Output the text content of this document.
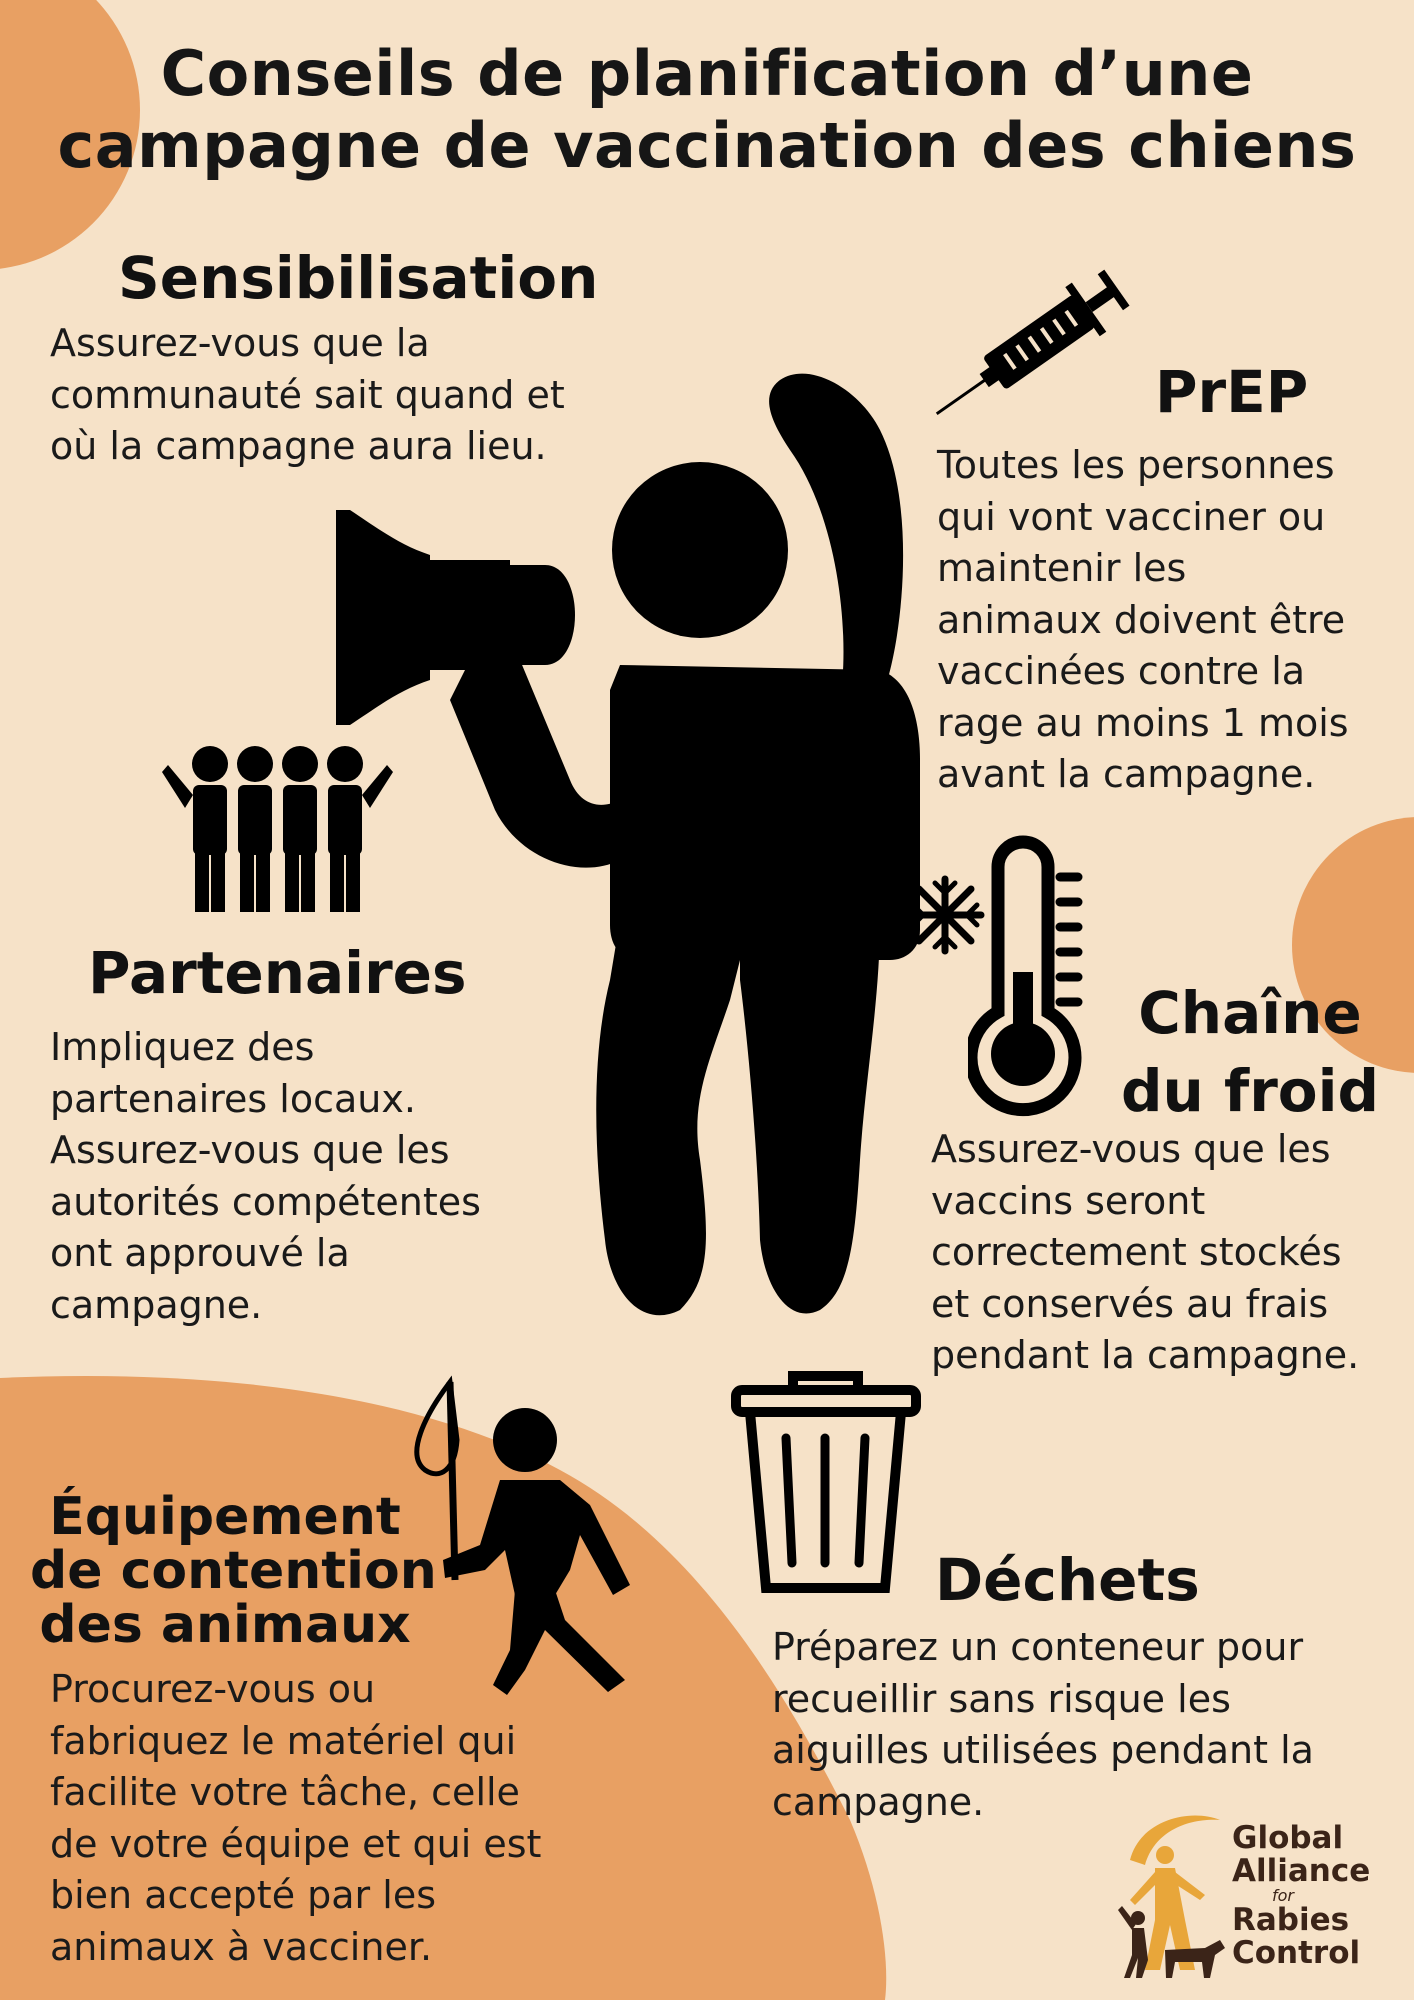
Conseils de planification d’une
campagne de vaccination des chiens
Sensibilisation
Assurez-vous que la
communauté sait quand et
où la campagne aura lieu.
PrEP
Toutes les personnes
qui vont vacciner ou
maintenir les
animaux doivent être
vaccinées contre la
rage au moins 1 mois
avant la campagne.
Partenaires
Impliquez des
partenaires locaux.
Assurez-vous que les
autorités compétentes
ont approuvé la
campagne.
Chaîne
du froid
Assurez-vous que les
vaccins seront
correctement stockés
et conservés au frais
pendant la campagne.
Équipement
de contention
des animaux
Procurez-vous ou
fabriquez le matériel qui
facilite votre tâche, celle
de votre équipe et qui est
bien accepté par les
animaux à vacciner.
Déchets
Préparez un conteneur pour
recueillir sans risque les
aiguilles utilisées pendant la
campagne.
Global
Alliance
for
Rabies
Control
